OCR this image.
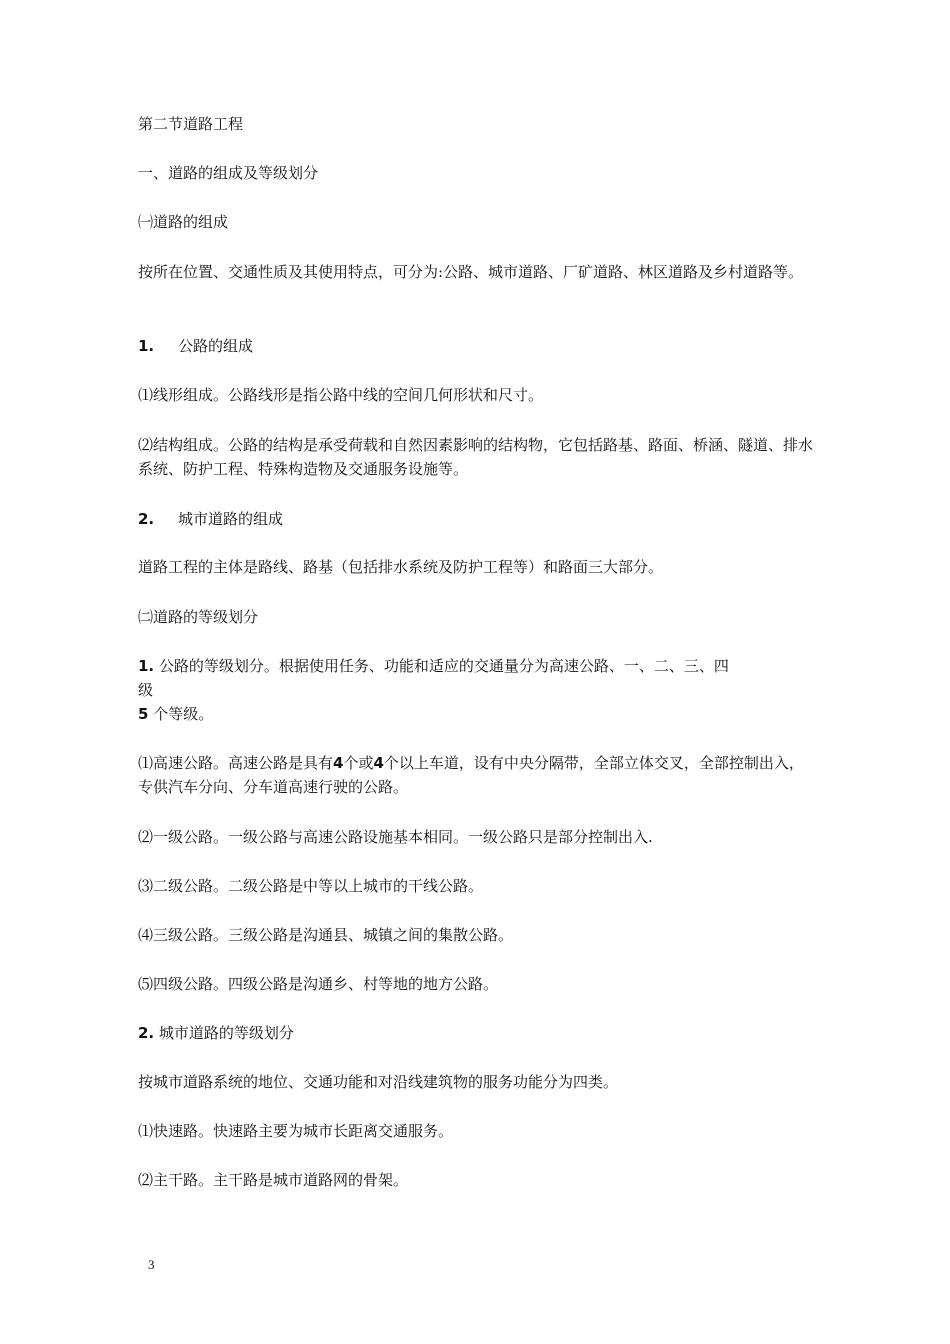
第二节道路工程
一、道路的组成及等级划分
㈠道路的组成
按所在位置、交通性质及其使用特点，可分为:公路、城市道路、厂矿道路、林区道路及乡村道路等。
1. 公路的组成
⑴线形组成。公路线形是指公路中线的空间几何形状和尺寸。
⑵结构组成。公路的结构是承受荷载和自然因素影响的结构物，它包括路基、路面、桥涵、隧道、排水系统、防护工程、特殊构造物及交通服务设施等。
2. 城市道路的组成
道路工程的主体是路线、路基（包括排水系统及防护工程等）和路面三大部分。
㈡道路的等级划分
1. 公路的等级划分。根据使用任务、功能和适应的交通量分为高速公路、一、二、三、四
级
5 个等级。
⑴高速公路。高速公路是具有4个或4个以上车道，设有中央分隔带，全部立体交叉，全部控制出入，专供汽车分向、分车道高速行驶的公路。
⑵一级公路。一级公路与高速公路设施基本相同。一级公路只是部分控制出入.
⑶二级公路。二级公路是中等以上城市的干线公路。
⑷三级公路。三级公路是沟通县、城镇之间的集散公路。
⑸四级公路。四级公路是沟通乡、村等地的地方公路。
2. 城市道路的等级划分
按城市道路系统的地位、交通功能和对沿线建筑物的服务功能分为四类。
⑴快速路。快速路主要为城市长距离交通服务。
⑵主干路。主干路是城市道路网的骨架。
3
